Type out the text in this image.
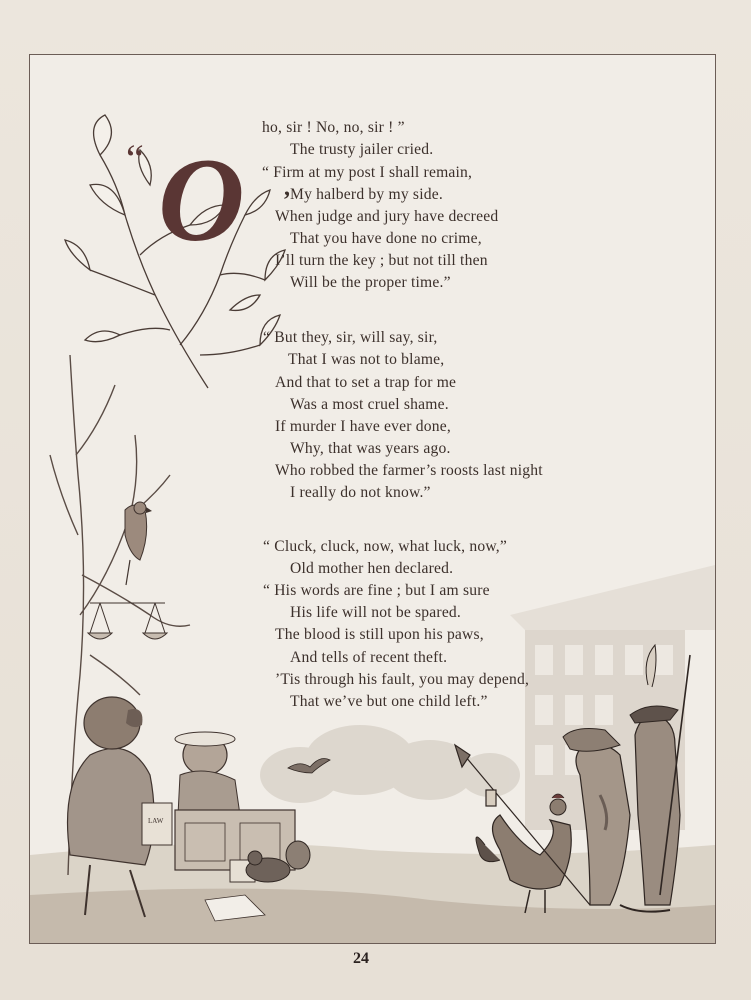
LAW
“ O ,
ho, sir ! No, no, sir ! ”
The trusty jailer cried.
“ Firm at my post I shall remain,
My halberd by my side.
When judge and jury have decreed
That you have done no crime,
I’ll turn the key ; but not till then
Will be the proper time.”
“ But they, sir, will say, sir,
That I was not to blame,
And that to set a trap for me
Was a most cruel shame.
If murder I have ever done,
Why, that was years ago.
Who robbed the farmer’s roosts last night
I really do not know.”
“ Cluck, cluck, now, what luck, now,”
Old mother hen declared.
“ His words are fine ; but I am sure
His life will not be spared.
The blood is still upon his paws,
And tells of recent theft.
’Tis through his fault, you may depend,
That we’ve but one child left.”
24
